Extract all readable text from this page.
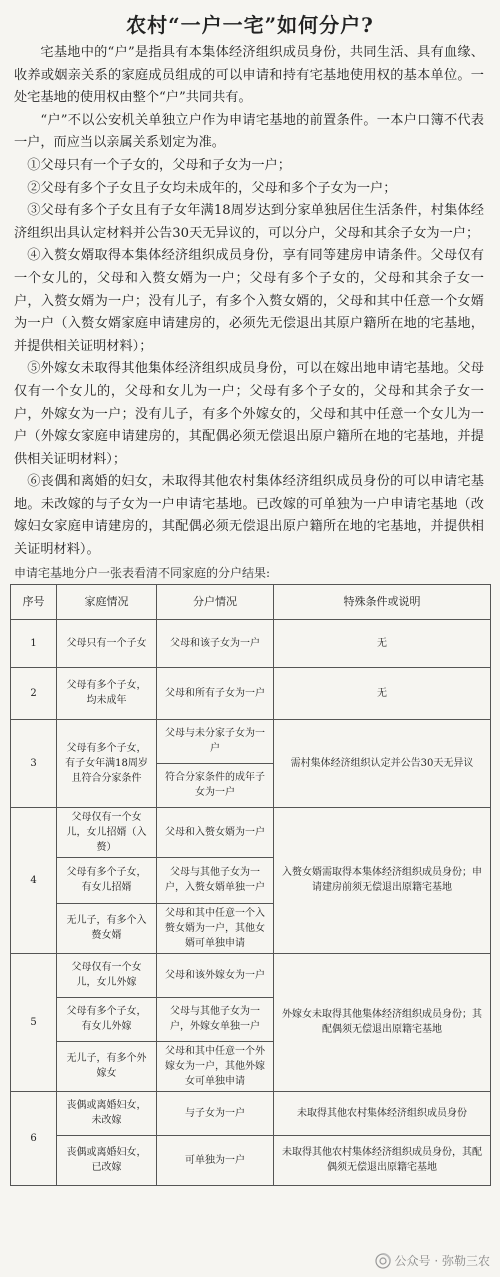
农村“一户一宅”如何分户?

宅基地中的“户”是指具有本集体经济组织成员身份，共同生活、具有血缘、收养或姻亲关系的家庭成员组成的可以申请和持有宅基地使用权的基本单位。一处宅基地的使用权由整个“户”共同共有。

“户”不以公安机关单独立户作为申请宅基地的前置条件。一本户口簿不代表一户，而应当以亲属关系划定为准。

①父母只有一个子女的，父母和子女为一户；

②父母有多个子女且子女均未成年的，父母和多个子女为一户；

③父母有多个子女且有子女年满18周岁达到分家单独居住生活条件，村集体经济组织出具认定材料并公告30天无异议的，可以分户，父母和其余子女为一户；

④入赘女婿取得本集体经济组织成员身份，享有同等建房申请条件。父母仅有一个女儿的，父母和入赘女婿为一户；父母有多个子女的，父母和其余子女一户，入赘女婿为一户；没有儿子，有多个入赘女婿的，父母和其中任意一个女婿为一户（入赘女婿家庭申请建房的，必须先无偿退出其原户籍所在地的宅基地，并提供相关证明材料）；

⑤外嫁女未取得其他集体经济组织成员身份，可以在嫁出地申请宅基地。父母仅有一个女儿的，父母和女儿为一户；父母有多个子女的，父母和其余子女一户，外嫁女为一户；没有儿子，有多个外嫁女的，父母和其中任意一个女儿为一户（外嫁女家庭申请建房的，其配偶必须无偿退出原户籍所在地的宅基地，并提供相关证明材料）；

⑥丧偶和离婚的妇女，未取得其他农村集体经济组织成员身份的可以申请宅基地。未改嫁的与子女为一户申请宅基地。已改嫁的可单独为一户申请宅基地（改嫁妇女家庭申请建房的，其配偶必须无偿退出原户籍所在地的宅基地，并提供相关证明材料）。

申请宅基地分户一张表看清不同家庭的分户结果:
序号	家庭情况	分户情况	特殊条件或说明
1	父母只有一个子女	父母和该子女为一户	无
2	父母有多个子女，均未成年	父母和所有子女为一户	无
3	父母有多个子女，有子女年满18周岁且符合分家条件	父母与未分家子女为一户	需村集体经济组织认定并公告30天无异议
		符合分家条件的成年子女为一户	
4	父母仅有一个女儿，女儿招婿（入赘）	父母和入赘女婿为一户	入赘女婿需取得本集体经济组织成员身份；申请建房前须无偿退出原籍宅基地
	父母有多个子女，有女儿招婿	父母与其他子女为一户，入赘女婿单独一户	
	无儿子，有多个入赘女婿	父母和其中任意一个入赘女婿为一户，其他女婿可单独申请	
5	父母仅有一个女儿，女儿外嫁	父母和该外嫁女为一户	外嫁女未取得其他集体经济组织成员身份；其配偶须无偿退出原籍宅基地
	父母有多个子女，有女儿外嫁	父母与其他子女为一户，外嫁女单独一户	
	无儿子，有多个外嫁女	父母和其中任意一个外嫁女为一户，其他外嫁女可单独申请	
6	丧偶或离婚妇女，未改嫁	与子女为一户	未取得其他农村集体经济组织成员身份
	丧偶或离婚妇女，已改嫁	可单独为一户	未取得其他农村集体经济组织成员身份，其配偶须无偿退出原籍宅基地
公众号 · 弥勒三农
